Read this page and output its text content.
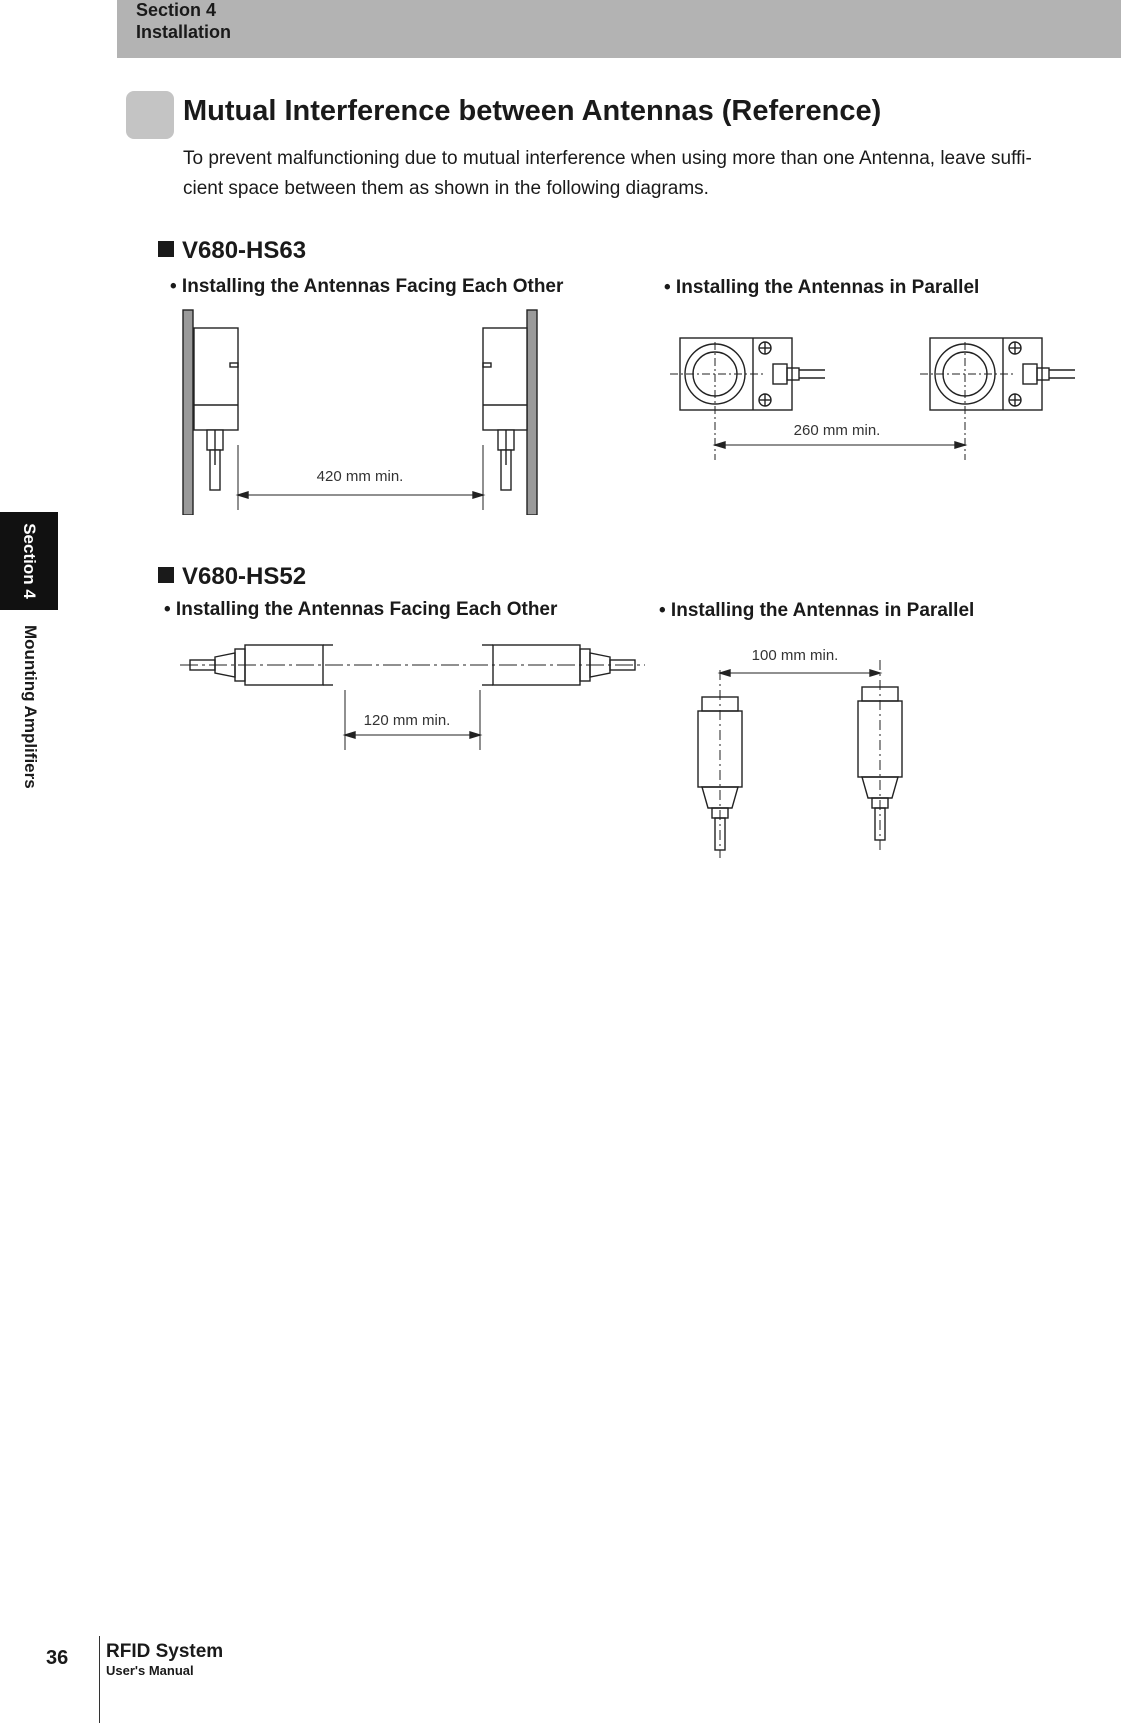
Section 4
Installation
Section 4
Mounting Amplifiers
Mutual Interference between Antennas (Reference)
To prevent malfunctioning due to mutual interference when using more than one Antenna, leave suffi-
cient space between them as shown in the following diagrams.
V680-HS63
• Installing the Antennas Facing Each Other	• Installing the Antennas in Parallel
420 mm min.
260 mm min.
V680-HS52
• Installing the Antennas Facing Each Other	• Installing the Antennas in Parallel
120 mm min.
100 mm min.
36 RFID System
User's Manual
